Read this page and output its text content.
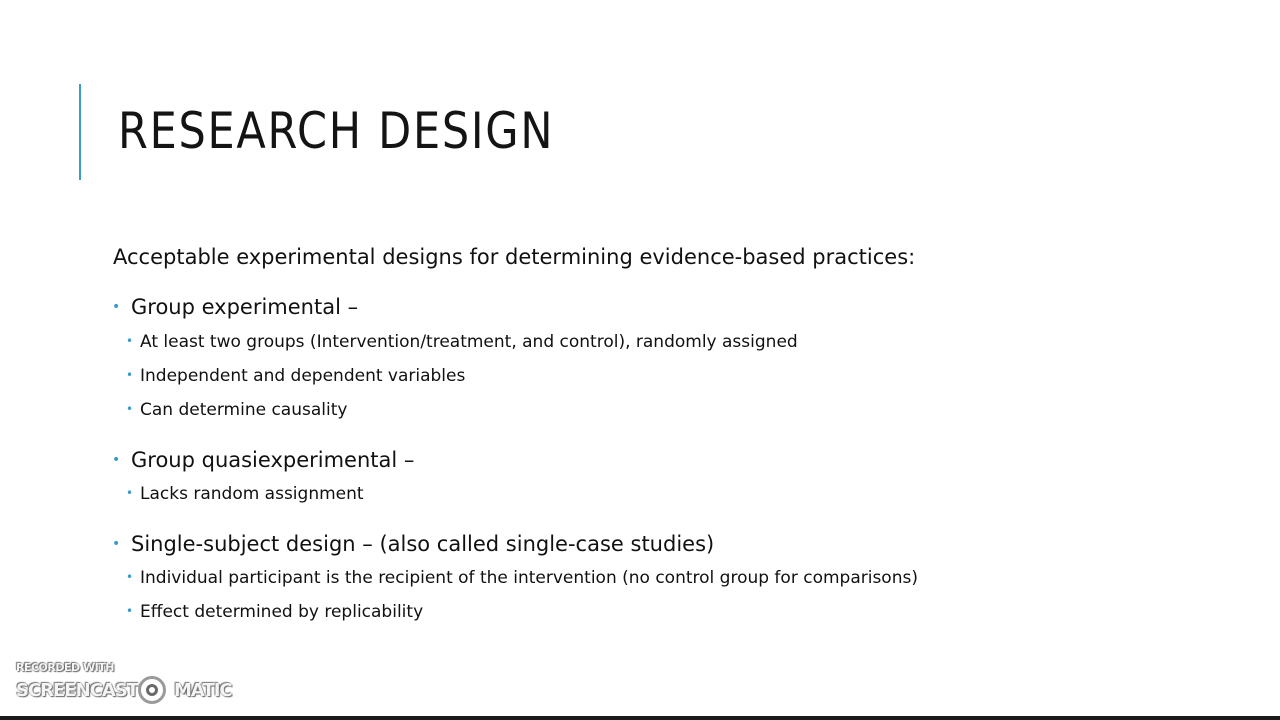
RESEARCH DESIGN
Acceptable experimental designs for determining evidence-based practices:
• Group experimental –
• At least two groups (Intervention/treatment, and control), randomly assigned
• Independent and dependent variables
• Can determine causality
• Group quasiexperimental –
• Lacks random assignment
• Single-subject design – (also called single-case studies)
• Individual participant is the recipient of the intervention (no control group for comparisons)
• Effect determined by replicability
RECORDED WITH
SCREENCAST MATIC
